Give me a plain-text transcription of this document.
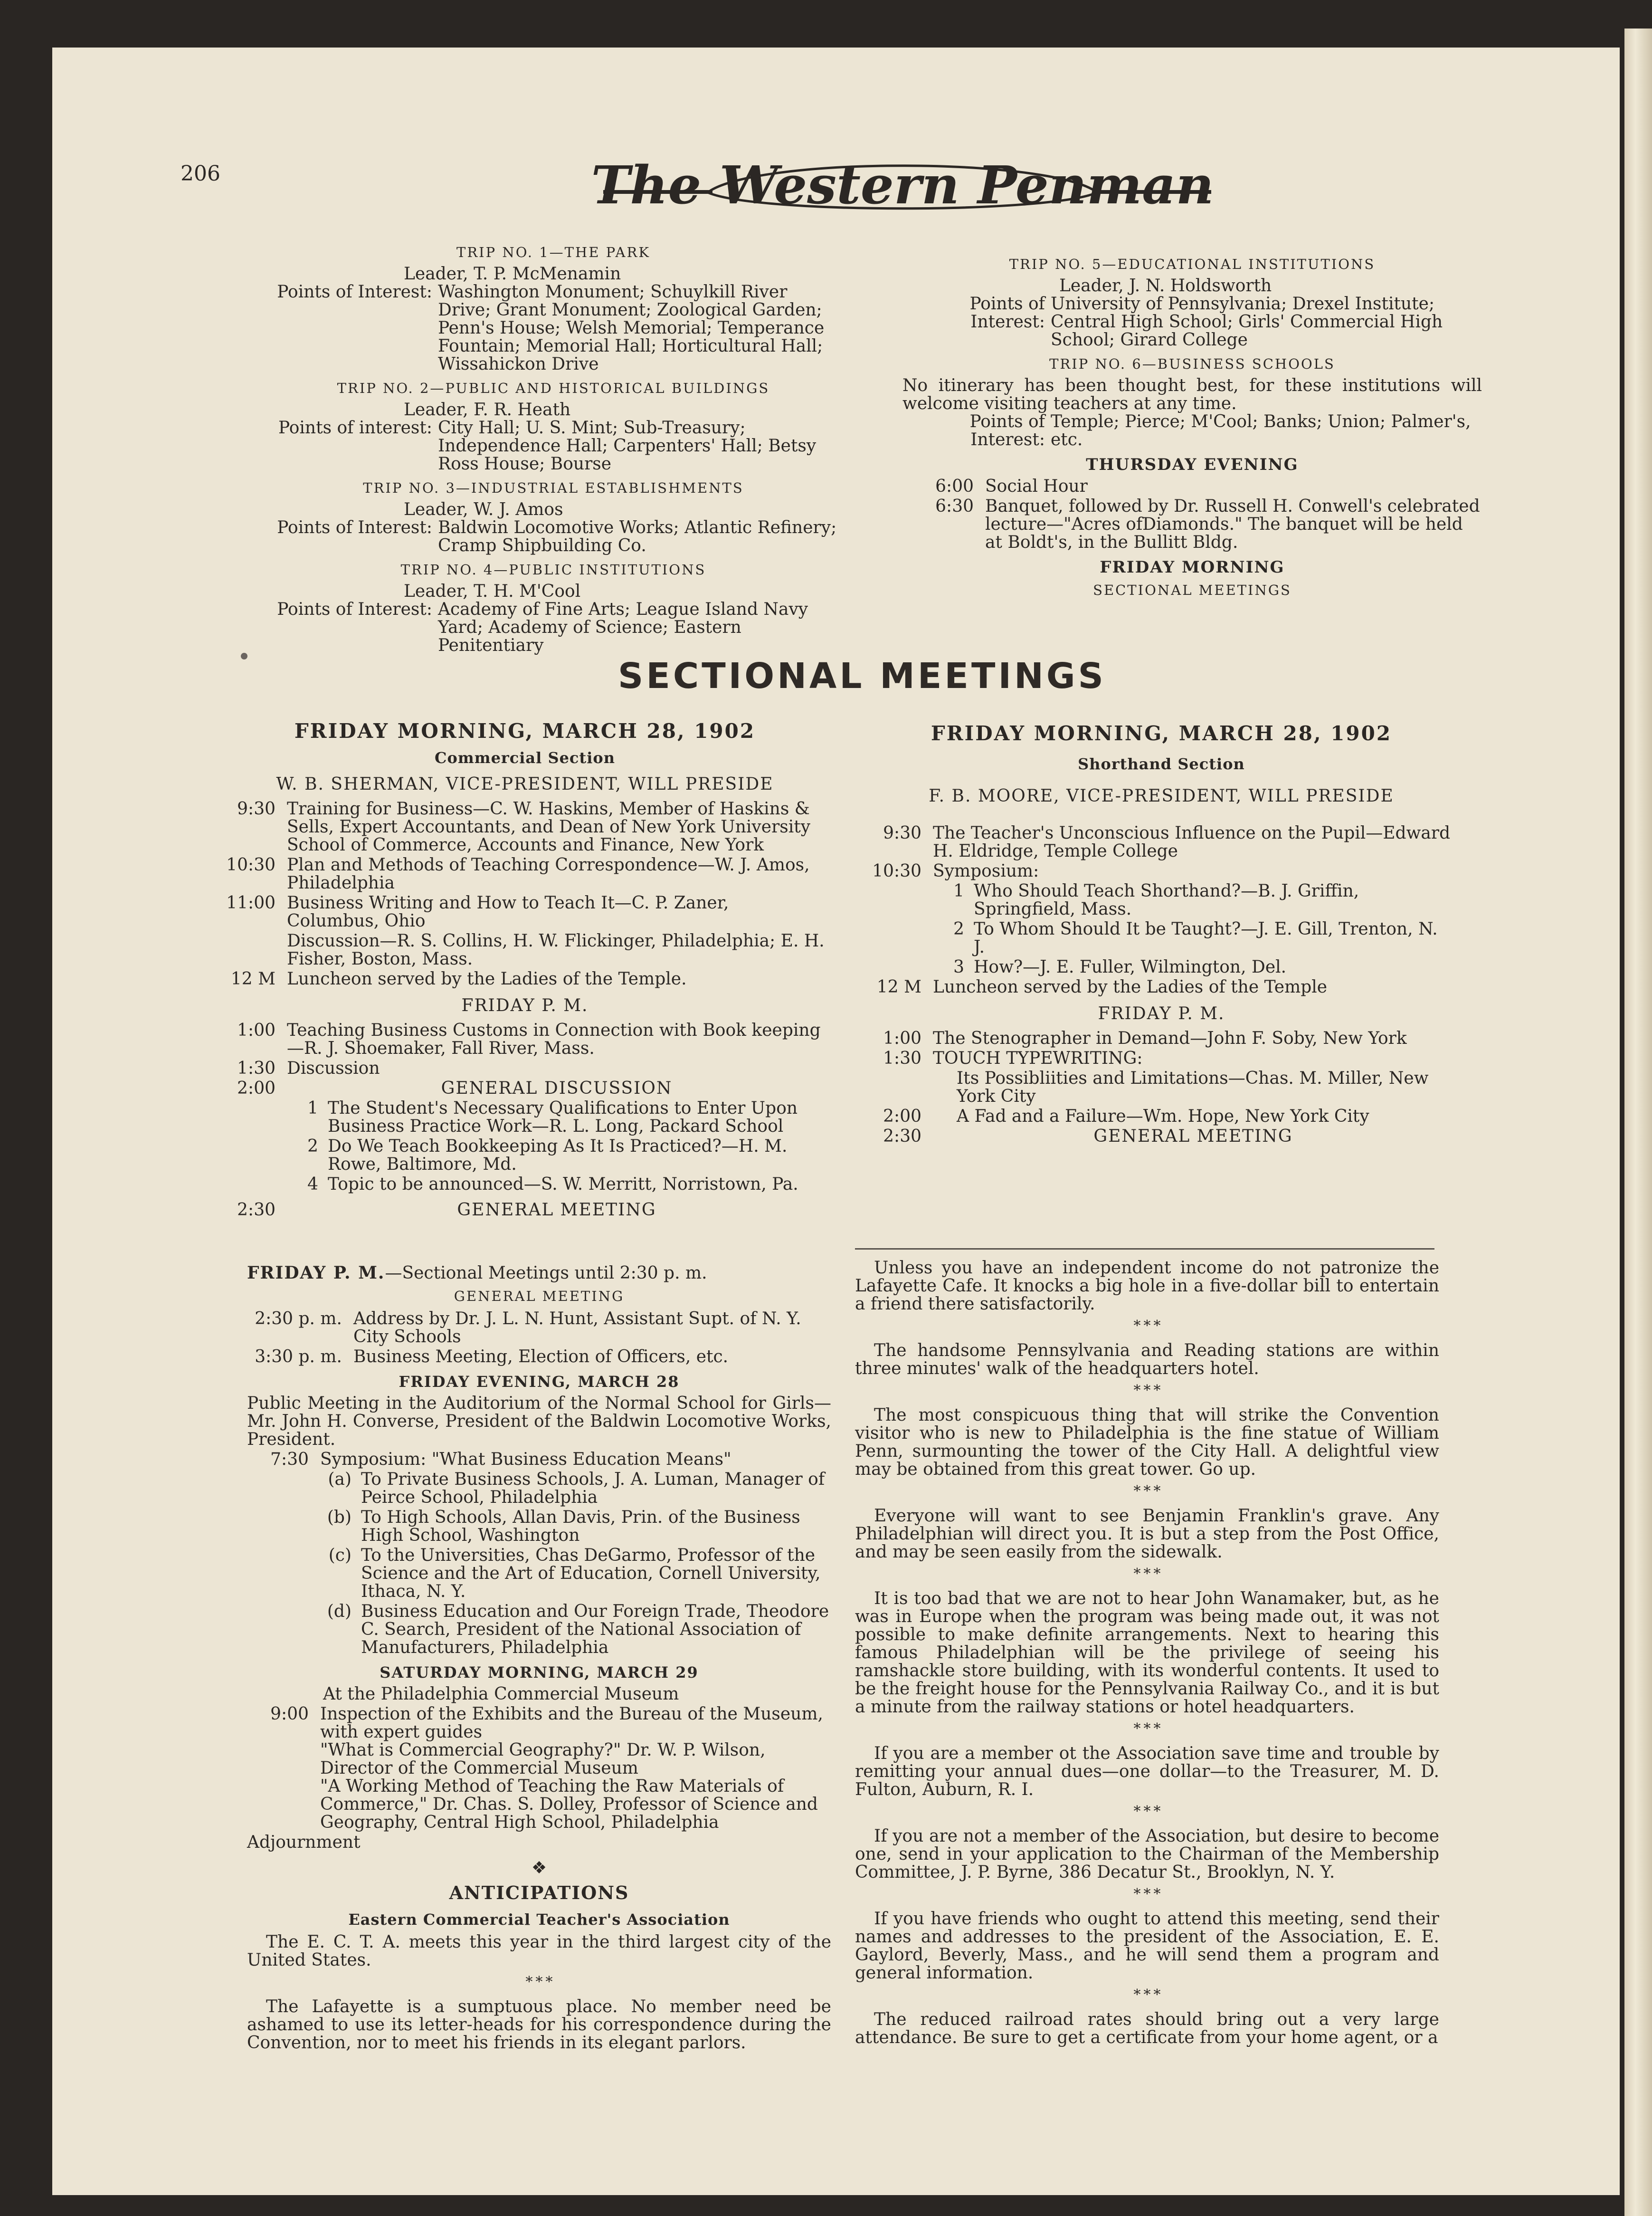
206	The Western Penman
TRIP NO. 1—THE PARK
Leader, T. P. McMenamin
Points of Interest: Washington Monument; Schuylkill River Drive; Grant Monument; Zoological Garden; Penn's House; Welsh Memorial; Temperance Fountain; Memorial Hall; Horticultural Hall; Wissahickon Drive
TRIP NO. 2—PUBLIC AND HISTORICAL BUILDINGS
Leader, F. R. Heath
Points of interest: City Hall; U. S. Mint; Sub-Treasury; Independence Hall; Carpenters' Hall; Betsy Ross House; Bourse
TRIP NO. 3—INDUSTRIAL ESTABLISHMENTS
Leader, W. J. Amos
Points of Interest: Baldwin Locomotive Works; Atlantic Refinery; Cramp Shipbuilding Co.
TRIP NO. 4—PUBLIC INSTITUTIONS
Leader, T. H. M'Cool
Points of Interest: Academy of Fine Arts; League Island Navy Yard; Academy of Science; Eastern Penitentiary
TRIP NO. 5—EDUCATIONAL INSTITUTIONS
Leader, J. N. Holdsworth
Points of Interest:
University of Pennsylvania; Drexel Institute; Central High School; Girls' Commercial High School; Girard College
TRIP NO. 6—BUSINESS SCHOOLS

No itinerary has been thought best, for these institutions will welcome visiting teachers at any time.

Points of Interest:
Temple; Pierce; M'Cool; Banks; Union; Palmer's, etc.
THURSDAY EVENING
6:00 Social Hour
6:30 Banquet, followed by Dr. Russell H. Conwell's celebrated lecture—"Acres ofDiamonds." The banquet will be held at Boldt's, in the Bullitt Bldg.
FRIDAY MORNING
SECTIONAL MEETINGS
SECTIONAL MEETINGS
FRIDAY MORNING, MARCH 28, 1902
Commercial Section
W. B. SHERMAN, VICE-PRESIDENT, WILL PRESIDE
9:30 Training for Business—C. W. Haskins, Member of Haskins & Sells, Expert Accountants, and Dean of New York University School of Commerce, Accounts and Finance, New York
10:30 Plan and Methods of Teaching Correspondence—W. J. Amos, Philadelphia
11:00 Business Writing and How to Teach It—C. P. Zaner, Columbus, Ohio
Discussion—R. S. Collins, H. W. Flickinger, Philadelphia; E. H. Fisher, Boston, Mass.
12 M Luncheon served by the Ladies of the Temple.
FRIDAY P. M.
1:00 Teaching Business Customs in Connection with Book keeping—R. J. Shoemaker, Fall River, Mass.
1:30 Discussion
2:00	GENERAL DISCUSSION
1 The Student's Necessary Qualifications to Enter Upon Business Practice Work—R. L. Long, Packard School
2 Do We Teach Bookkeeping As It Is Practiced?—H. M. Rowe, Baltimore, Md.
4 Topic to be announced—S. W. Merritt, Norristown, Pa.
2:30	GENERAL MEETING
FRIDAY P. M.—Sectional Meetings until 2:30 p. m.
GENERAL MEETING
2:30 p. m. Address by Dr. J. L. N. Hunt, Assistant Supt. of N. Y. City Schools
3:30 p. m. Business Meeting, Election of Officers, etc.
FRIDAY EVENING, MARCH 28

Public Meeting in the Auditorium of the Normal School for Girls—Mr. John H. Converse, President of the Baldwin Locomotive Works, President.

7:30 Symposium: "What Business Education Means"
(a) To Private Business Schools, J. A. Luman, Manager of Peirce School, Philadelphia
(b) To High Schools, Allan Davis, Prin. of the Business High School, Washington
(c) To the Universities, Chas DeGarmo, Professor of the Science and the Art of Education, Cornell University, Ithaca, N. Y.
(d) Business Education and Our Foreign Trade, Theodore C. Search, President of the National Association of Manufacturers, Philadelphia
SATURDAY MORNING, MARCH 29
At the Philadelphia Commercial Museum
9:00 Inspection of the Exhibits and the Bureau of the Museum, with expert guides
"What is Commercial Geography?" Dr. W. P. Wilson, Director of the Commercial Museum
"A Working Method of Teaching the Raw Materials of Commerce," Dr. Chas. S. Dolley, Professor of Science and Geography, Central High School, Philadelphia
Adjournment
❖
ANTICIPATIONS
Eastern Commercial Teacher's Association

The E. C. T. A. meets this year in the third largest city of the United States.

* * *

The Lafayette is a sumptuous place. No member need be ashamed to use its letter-heads for his correspondence during the Convention, nor to meet his friends in its elegant parlors.

FRIDAY MORNING, MARCH 28, 1902
Shorthand Section
F. B. MOORE, VICE-PRESIDENT, WILL PRESIDE
9:30 The Teacher's Unconscious Influence on the Pupil—Edward H. Eldridge, Temple College
10:30 Symposium:
1 Who Should Teach Shorthand?—B. J. Griffin, Springfield, Mass.
2 To Whom Should It be Taught?—J. E. Gill, Trenton, N. J.
3 How?—J. E. Fuller, Wilmington, Del.
12 M Luncheon served by the Ladies of the Temple
FRIDAY P. M.
1:00 The Stenographer in Demand—John F. Soby, New York
1:30 TOUCH TYPEWRITING:
Its Possibliities and Limitations—Chas. M. Miller, New York City
2:00	A Fad and a Failure—Wm. Hope, New York City
2:30	GENERAL MEETING

Unless you have an independent income do not patronize the Lafayette Cafe. It knocks a big hole in a five-dollar bill to entertain a friend there satisfactorily.

* * *

The handsome Pennsylvania and Reading stations are within three minutes' walk of the headquarters hotel.

* * *

The most conspicuous thing that will strike the Convention visitor who is new to Philadelphia is the fine statue of William Penn, surmounting the tower of the City Hall. A delightful view may be obtained from this great tower. Go up.

* * *

Everyone will want to see Benjamin Franklin's grave. Any Philadelphian will direct you. It is but a step from the Post Office, and may be seen easily from the sidewalk.

* * *

It is too bad that we are not to hear John Wanamaker, but, as he was in Europe when the program was being made out, it was not possible to make definite arrangements. Next to hearing this famous Philadelphian will be the privilege of seeing his ramshackle store building, with its wonderful contents. It used to be the freight house for the Pennsylvania Railway Co., and it is but a minute from the railway stations or hotel headquarters.

* * *

If you are a member ot the Association save time and trouble by remitting your annual dues—one dollar—to the Treasurer, M. D. Fulton, Auburn, R. I.

* * *

If you are not a member of the Association, but desire to become one, send in your application to the Chairman of the Membership Committee, J. P. Byrne, 386 Decatur St., Brooklyn, N. Y.

* * *

If you have friends who ought to attend this meeting, send their names and addresses to the president of the Association, E. E. Gaylord, Beverly, Mass., and he will send them a program and general information.

* * *

The reduced railroad rates should bring out a very large attendance. Be sure to get a certificate from your home agent, or a
